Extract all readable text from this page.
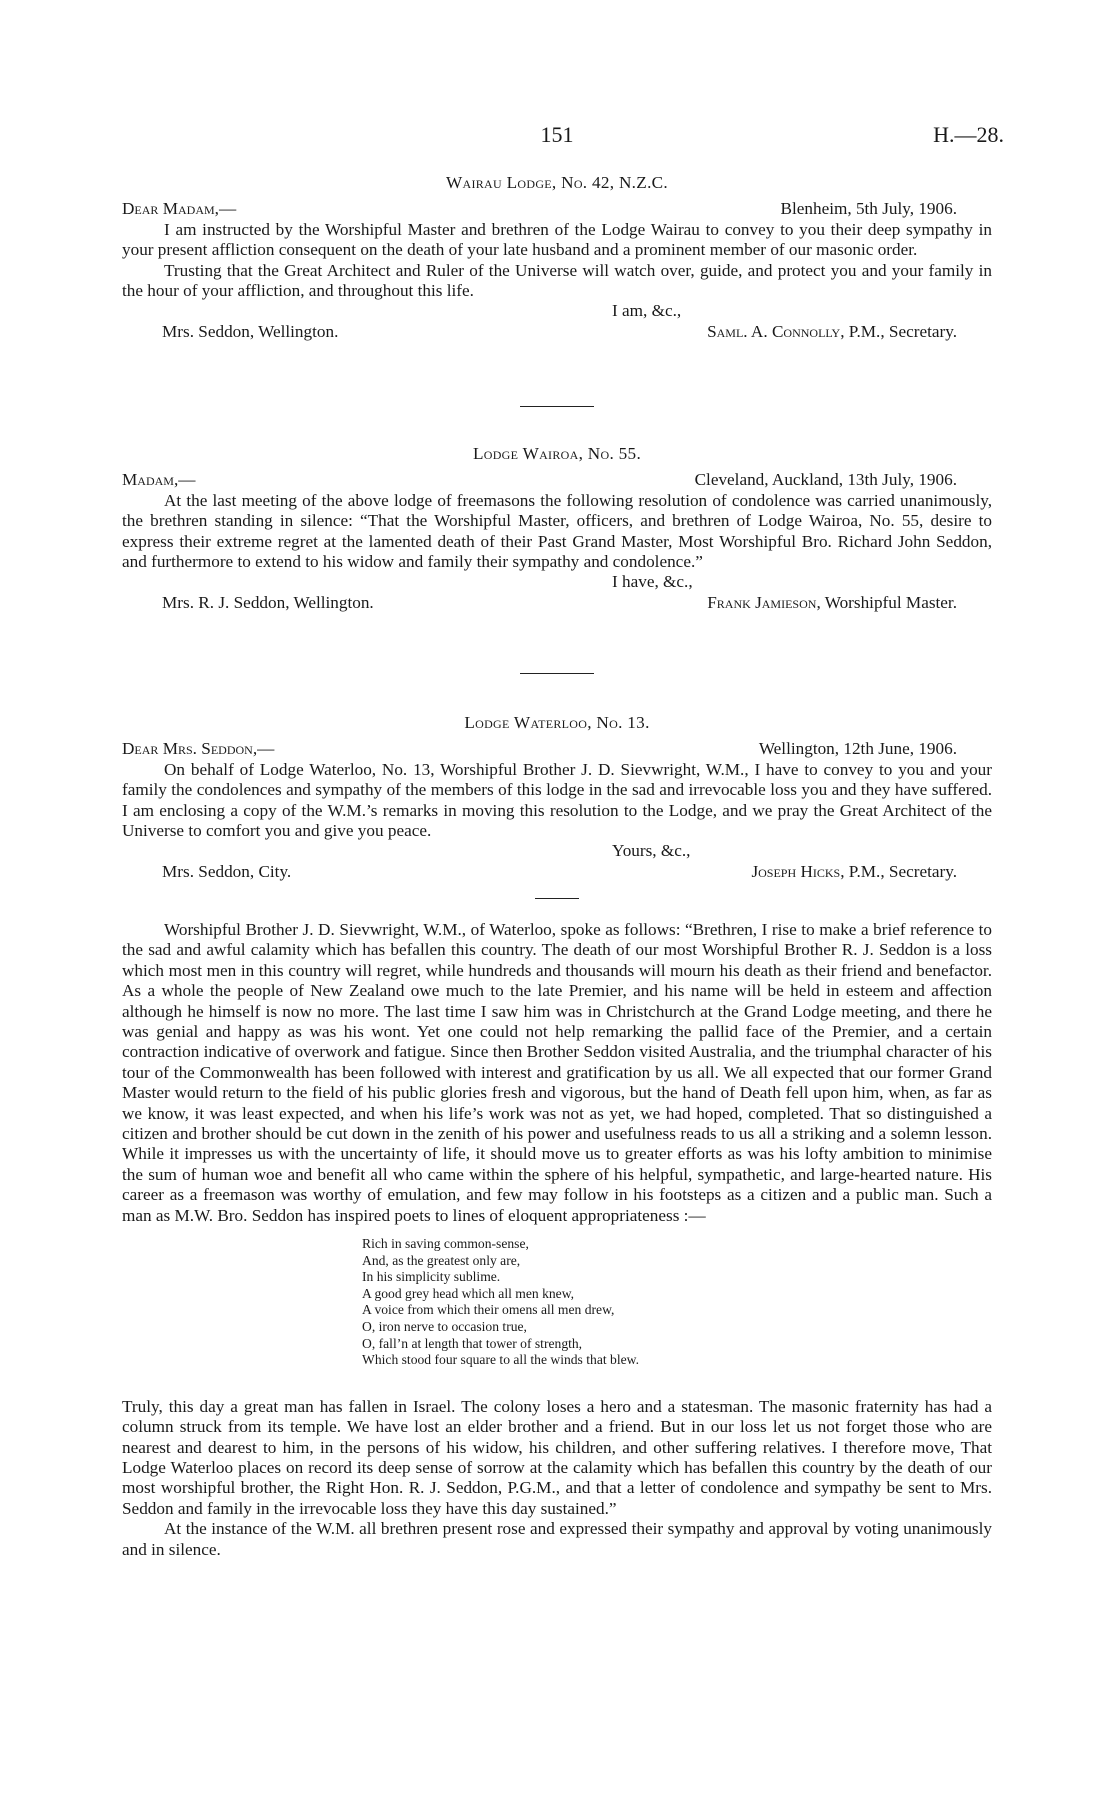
151	H.—28.
Wairau Lodge, No. 42, N.Z.C.
Dear Madam,—	Blenheim, 5th July, 1906.

I am instructed by the Worshipful Master and brethren of the Lodge Wairau to convey to you their deep sympathy in your present affliction consequent on the death of your late husband and a prominent member of our masonic order.

Trusting that the Great Architect and Ruler of the Universe will watch over, guide, and protect you and your family in the hour of your affliction, and throughout this life.

I am, &c.,
Mrs. Seddon, Wellington.	Saml. A. Connolly, P.M., Secretary.
Lodge Wairoa, No. 55.
Madam,—	Cleveland, Auckland, 13th July, 1906.

At the last meeting of the above lodge of freemasons the following resolution of condolence was carried unanimously, the brethren standing in silence: “That the Worshipful Master, officers, and brethren of Lodge Wairoa, No. 55, desire to express their extreme regret at the lamented death of their Past Grand Master, Most Worshipful Bro. Richard John Seddon, and furthermore to extend to his widow and family their sympathy and condolence.”

I have, &c.,
Mrs. R. J. Seddon, Wellington.	Frank Jamieson, Worshipful Master.
Lodge Waterloo, No. 13.
Dear Mrs. Seddon,—	Wellington, 12th June, 1906.

On behalf of Lodge Waterloo, No. 13, Worshipful Brother J. D. Sievwright, W.M., I have to convey to you and your family the condolences and sympathy of the members of this lodge in the sad and irrevocable loss you and they have suffered. I am enclosing a copy of the W.M.’s remarks in moving this resolution to the Lodge, and we pray the Great Architect of the Universe to comfort you and give you peace.

Yours, &c.,
Mrs. Seddon, City.	Joseph Hicks, P.M., Secretary.

Worshipful Brother J. D. Sievwright, W.M., of Waterloo, spoke as follows: “Brethren, I rise to make a brief reference to the sad and awful calamity which has befallen this country. The death of our most Worshipful Brother R. J. Seddon is a loss which most men in this country will regret, while hundreds and thousands will mourn his death as their friend and benefactor. As a whole the people of New Zealand owe much to the late Premier, and his name will be held in esteem and affection although he himself is now no more. The last time I saw him was in Christchurch at the Grand Lodge meeting, and there he was genial and happy as was his wont. Yet one could not help remarking the pallid face of the Premier, and a certain contraction indicative of overwork and fatigue. Since then Brother Seddon visited Australia, and the triumphal character of his tour of the Commonwealth has been followed with interest and gratification by us all. We all expected that our former Grand Master would return to the field of his public glories fresh and vigorous, but the hand of Death fell upon him, when, as far as we know, it was least expected, and when his life’s work was not as yet, we had hoped, completed. That so distinguished a citizen and brother should be cut down in the zenith of his power and usefulness reads to us all a striking and a solemn lesson. While it impresses us with the uncertainty of life, it should move us to greater efforts as was his lofty ambition to minimise the sum of human woe and benefit all who came within the sphere of his helpful, sympathetic, and large-hearted nature. His career as a freemason was worthy of emulation, and few may follow in his footsteps as a citizen and a public man. Such a man as M.W. Bro. Seddon has inspired poets to lines of eloquent appropriateness :—

Rich in saving common-sense,
And, as the greatest only are,
In his simplicity sublime.
A good grey head which all men knew,
A voice from which their omens all men drew,
O, iron nerve to occasion true,
O, fall’n at length that tower of strength,
Which stood four square to all the winds that blew.

Truly, this day a great man has fallen in Israel. The colony loses a hero and a statesman. The masonic fraternity has had a column struck from its temple. We have lost an elder brother and a friend. But in our loss let us not forget those who are nearest and dearest to him, in the persons of his widow, his children, and other suffering relatives. I therefore move, That Lodge Waterloo places on record its deep sense of sorrow at the calamity which has befallen this country by the death of our most worshipful brother, the Right Hon. R. J. Seddon, P.G.M., and that a letter of condolence and sympathy be sent to Mrs. Seddon and family in the irrevocable loss they have this day sustained.”

At the instance of the W.M. all brethren present rose and expressed their sympathy and approval by voting unanimously and in silence.
